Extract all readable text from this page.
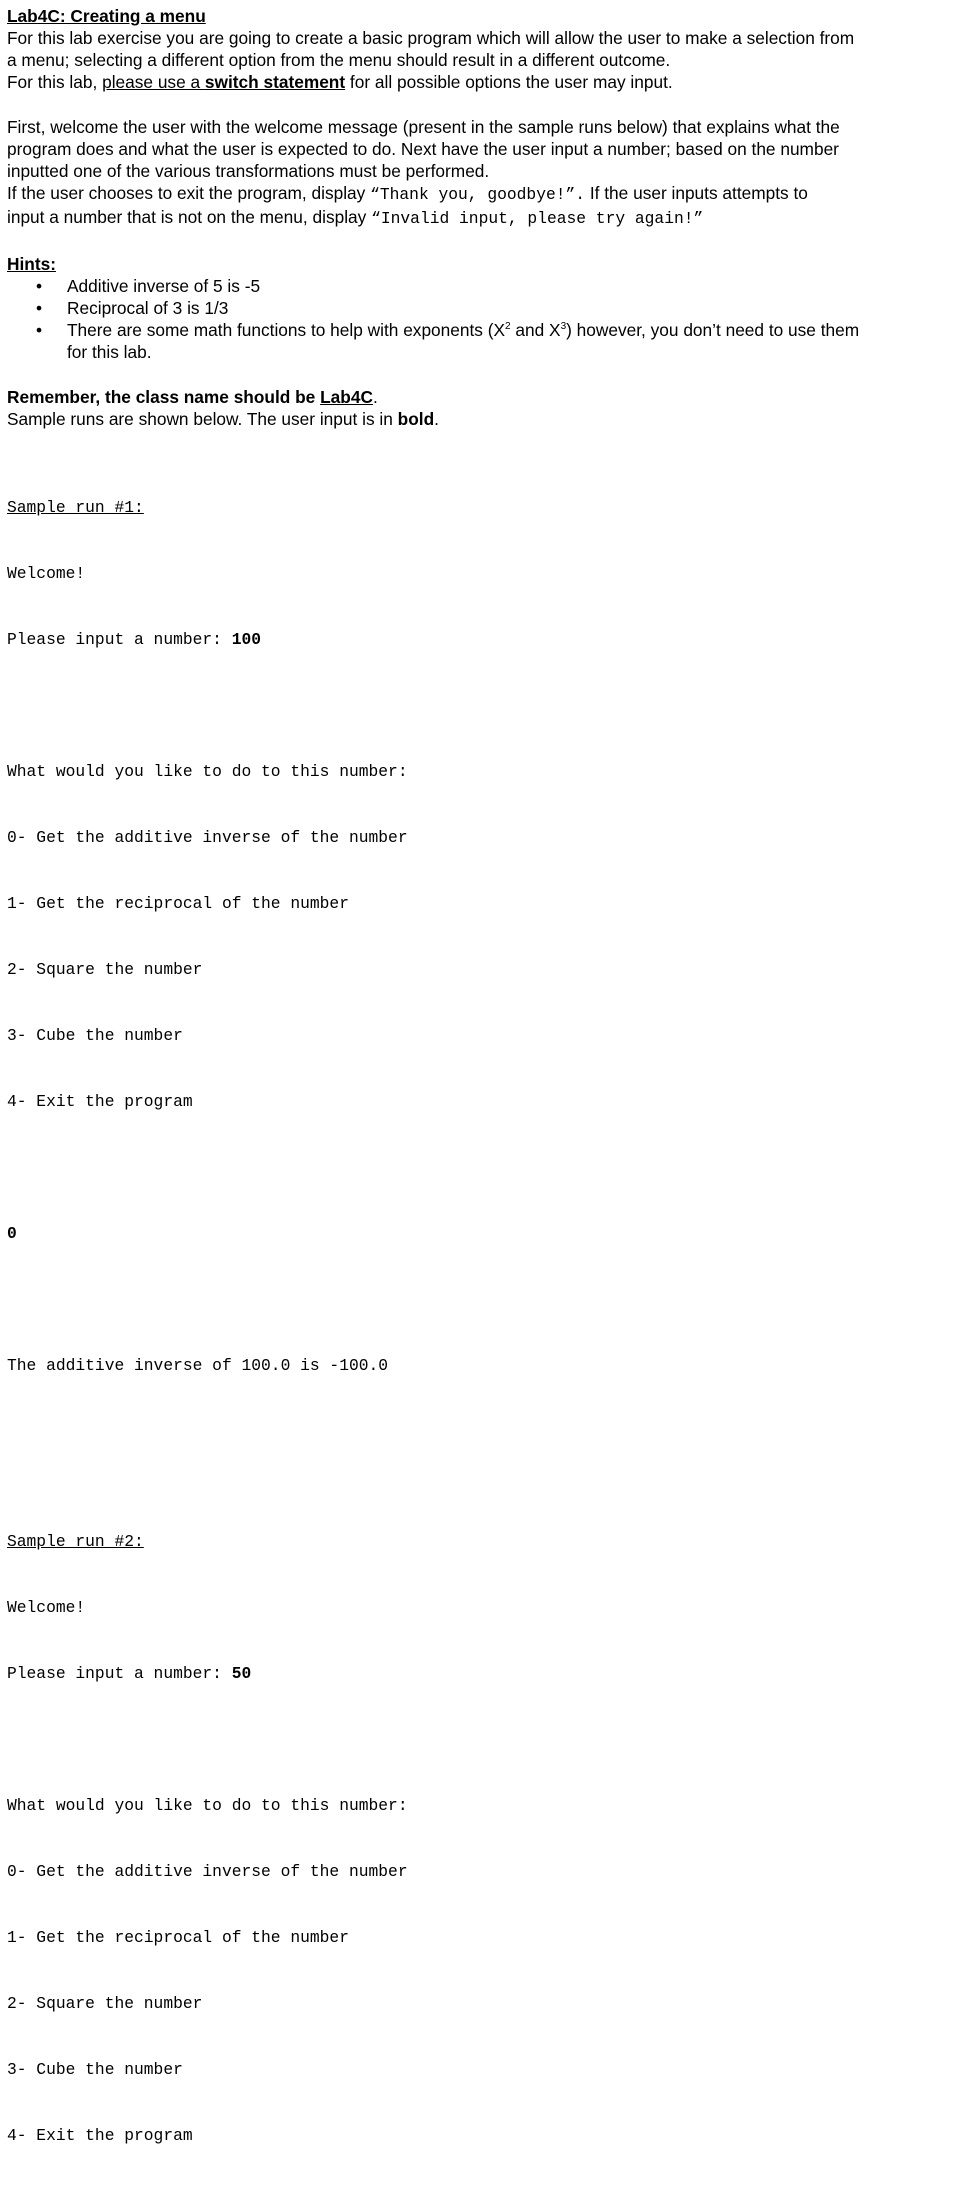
Lab4C: Creating a menu

For this lab exercise you are going to create a basic program which will allow the user to make a selection from

a menu; selecting a different option from the menu should result in a different outcome.

For this lab, please use a switch statement for all possible options the user may input.

First, welcome the user with the welcome message (present in the sample runs below) that explains what the

program does and what the user is expected to do. Next have the user input a number; based on the number

inputted one of the various transformations must be performed.

If the user chooses to exit the program, display “Thank you, goodbye!”. If the user inputs attempts to

input a number that is not on the menu, display “Invalid input, please try again!”

Hints:

• Additive inverse of 5 is -5
• Reciprocal of 3 is 1/3
• There are some math functions to help with exponents ($X^2$ and $X^3$) however, you don’t need to use them
for this lab.

Remember, the class name should be Lab4C.

Sample runs are shown below. The user input is in bold.

Sample run #1:

Welcome!

Please input a number: 100

What would you like to do to this number:

0- Get the additive inverse of the number

1- Get the reciprocal of the number

2- Square the number

3- Cube the number

4- Exit the program

0

The additive inverse of 100.0 is -100.0

Sample run #2:

Welcome!

Please input a number: 50

What would you like to do to this number:

0- Get the additive inverse of the number

1- Get the reciprocal of the number

2- Square the number

3- Cube the number

4- Exit the program
